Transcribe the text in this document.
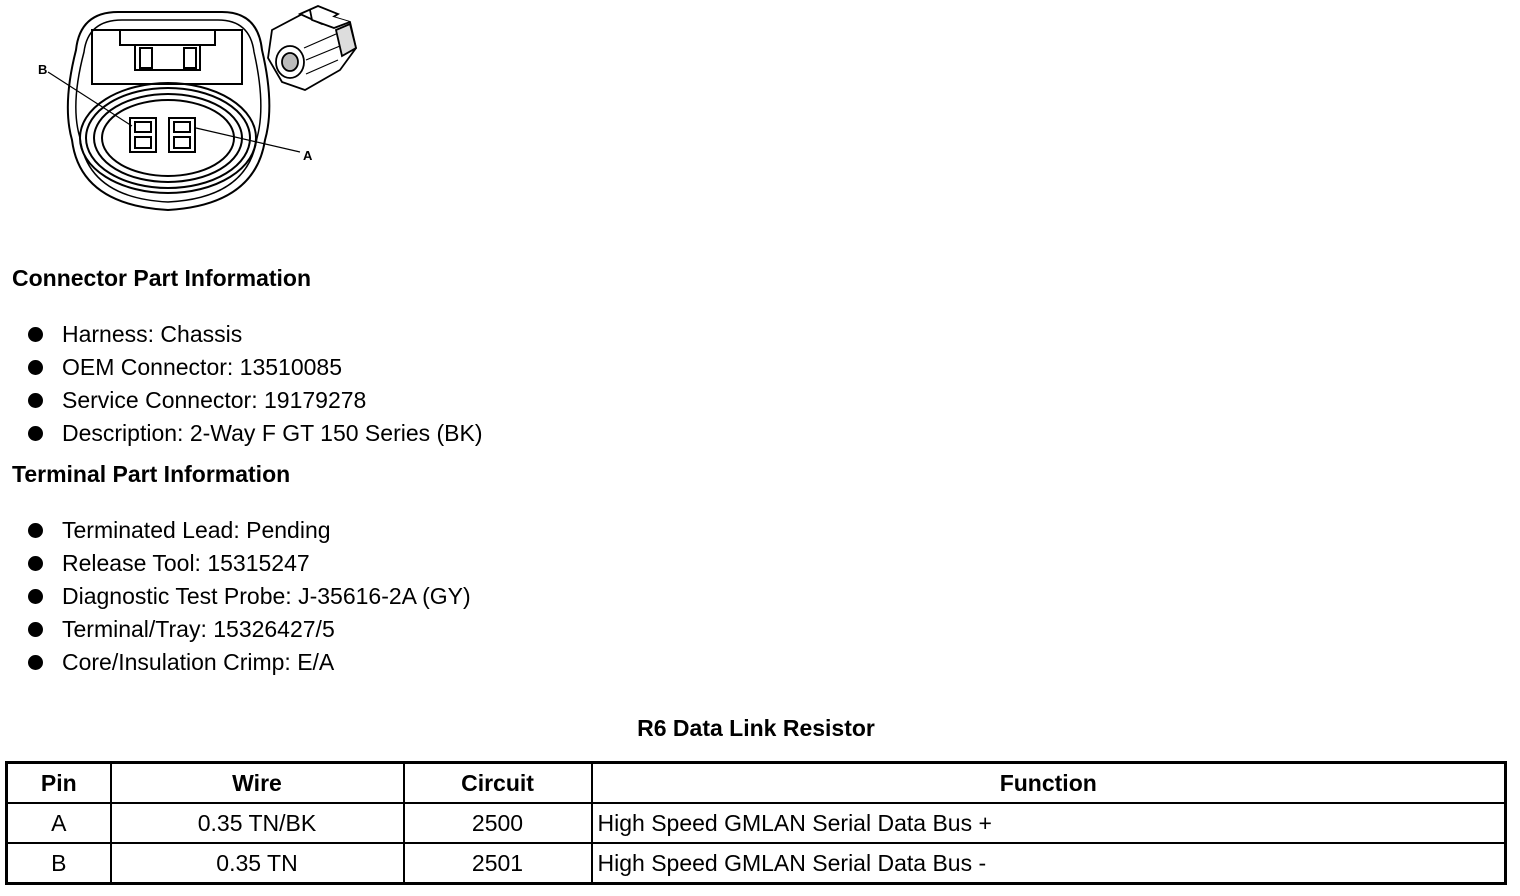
B
A
Connector Part Information
Harness: Chassis
OEM Connector: 13510085
Service Connector: 19179278
Description: 2-Way F GT 150 Series (BK)
Terminal Part Information
Terminated Lead: Pending
Release Tool: 15315247
Diagnostic Test Probe: J-35616-2A (GY)
Terminal/Tray: 15326427/5
Core/Insulation Crimp: E/A
R6 Data Link Resistor
Pin	Wire	Circuit	Function
A	0.35 TN/BK	2500	High Speed GMLAN Serial Data Bus +
B	0.35 TN	2501	High Speed GMLAN Serial Data Bus -
